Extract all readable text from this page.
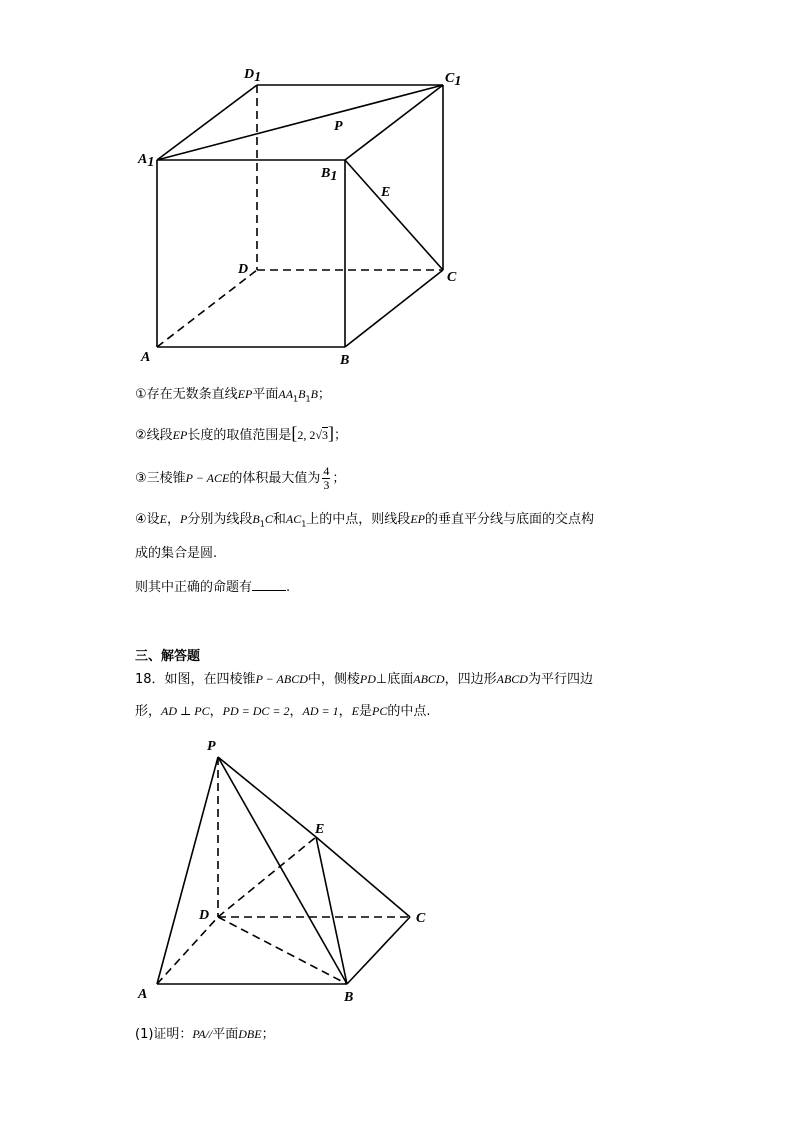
D1	C1
P
A1
B1
E
D
C
A	B
①存在无数条直线EP平面$AA_1B_1B$；
②线段EP长度的取值范围是[2, 2√3]；
③三棱锥P − ACE的体积最大值为 $\frac{4}{3}$ ；
④设E，P分别为线段$B_1C$和$AC_1$上的中点，则线段EP的垂直平分线与底面的交点构
成的集合是圆.
则其中正确的命题有	.
三、解答题
18．如图，在四棱锥P − ABCD中，侧棱PD⊥底面ABCD，四边形ABCD为平行四边
形，AD ⊥ PC，PD = DC = 2，AD = 1，E是PC的中点.
P
E
D	C
A	B
(1)证明：PA//平面DBE；
